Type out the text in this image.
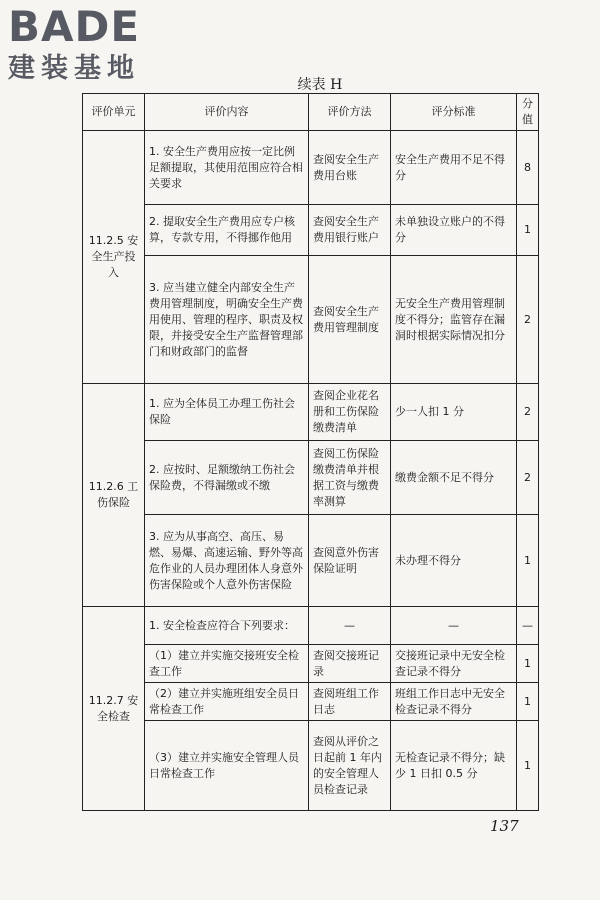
BADE
建装基地
续表 H
评价单元	评价内容	评价方法	评分标准	分值
11.2.5 安全生产投入	1. 安全生产费用应按一定比例足额提取，其使用范围应符合相关要求	查阅安全生产费用台账	安全生产费用不足不得分	8
	2. 提取安全生产费用应专户核算，专款专用，不得挪作他用	查阅安全生产费用银行账户	未单独设立账户的不得分	1
	3. 应当建立健全内部安全生产费用管理制度，明确安全生产费用使用、管理的程序、职责及权限，并接受安全生产监督管理部门和财政部门的监督	查阅安全生产费用管理制度	无安全生产费用管理制度不得分；监管存在漏洞时根据实际情况扣分	2
11.2.6 工伤保险	1. 应为全体员工办理工伤社会保险	查阅企业花名册和工伤保险缴费清单	少一人扣 1 分	2
	2. 应按时、足额缴纳工伤社会保险费，不得漏缴或不缴	查阅工伤保险缴费清单并根据工资与缴费率测算	缴费金额不足不得分	2
	3. 应为从事高空、高压、易燃、易爆、高速运输、野外等高危作业的人员办理团体人身意外伤害保险或个人意外伤害保险	查阅意外伤害保险证明	未办理不得分	1
11.2.7 安全检查	1. 安全检查应符合下列要求：	—	—	—
	（1）建立并实施交接班安全检查工作	查阅交接班记录	交接班记录中无安全检查记录不得分	1
	（2）建立并实施班组安全员日常检查工作	查阅班组工作日志	班组工作日志中无安全检查记录不得分	1
	（3）建立并实施安全管理人员日常检查工作	查阅从评价之日起前 1 年内的安全管理人员检查记录	无检查记录不得分；缺少 1 日扣 0.5 分	1
137
